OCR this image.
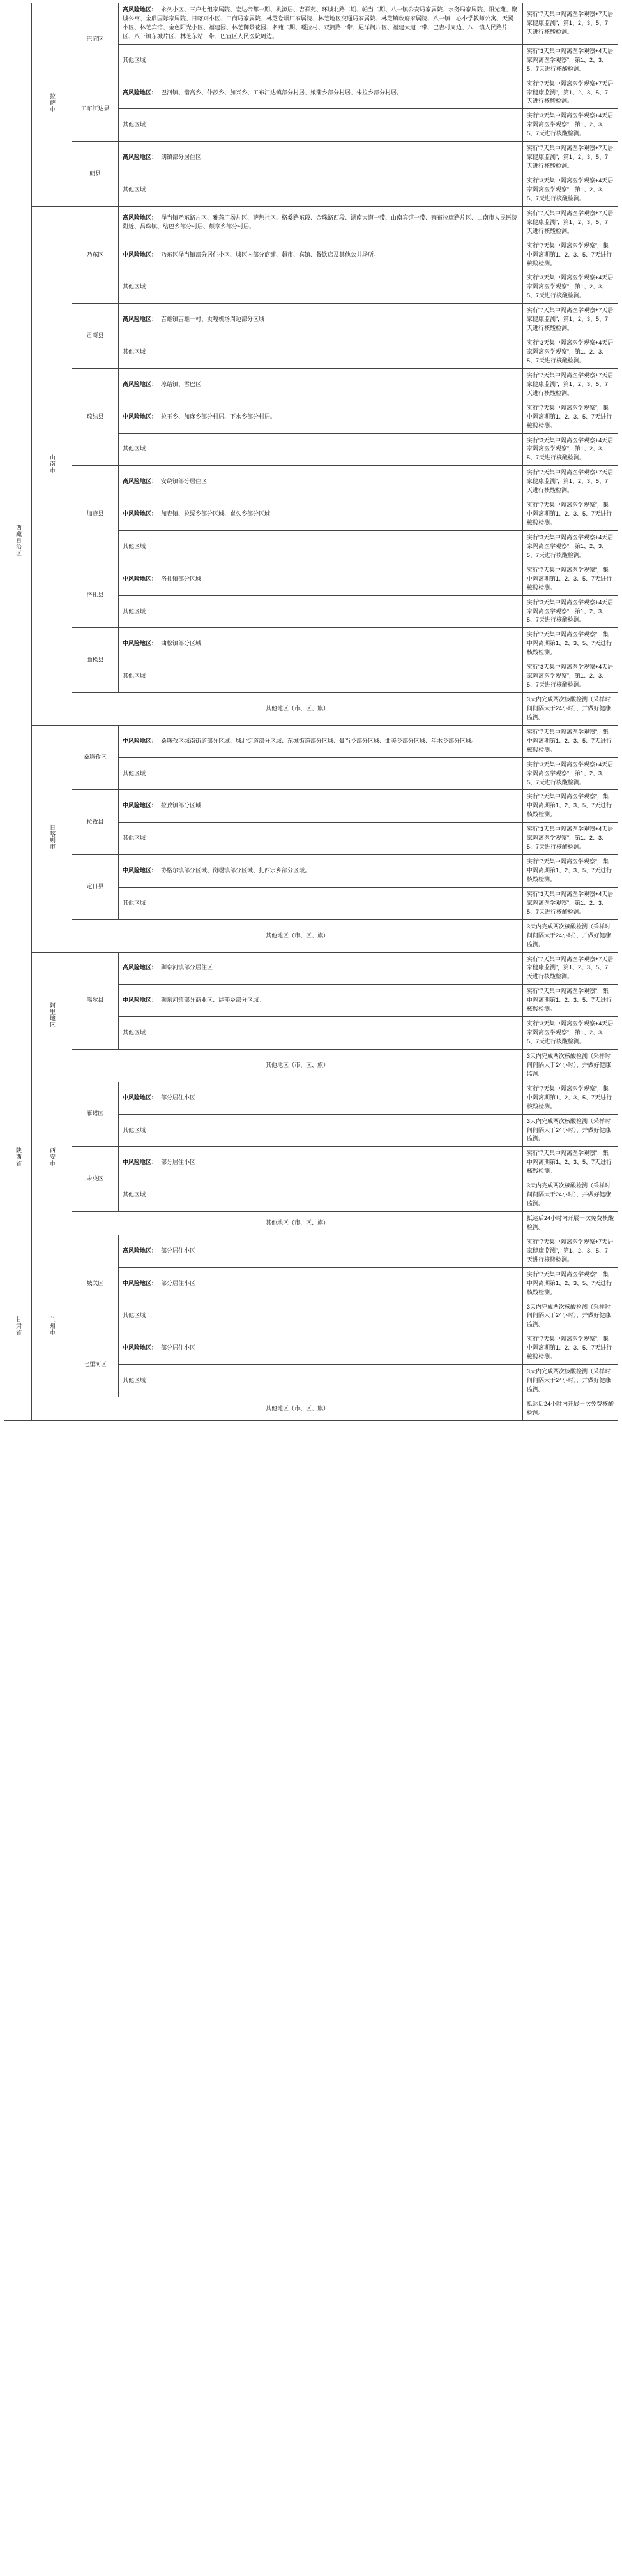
西藏自治区	拉萨市	巴宜区	高风险地区： 永久小区、三户七组家属院、宏达帝都一期、桃源居、吉祥苑、环城北路二期、帕当二期、八一镇公安局家属院、水务局家属院、阳光苑、聚城公寓、金鼎国际家属院、日喀则小区、工商局家属院、林芝卷烟厂家属院、林芝地区交通局家属院、林芝镇政府家属院、八一镇中心小学教师公寓、天翼小区、林芝宾馆、金色阳光小区、福建园、林芝御景花园、名苑二期、嘎拉村、双拥路一带、尼洋阁片区、福建大道一带、巴吉村周边、八一镇人民路片区、八一镇东城片区、林芝东站一带、巴宜区人民医院周边。	实行“7天集中隔离医学观察+7天居家健康监测”，第1、2、3、5、7天进行核酸检测。
			其他区域	实行“3天集中隔离医学观察+4天居家隔离医学观察”，第1、2、3、5、7天进行核酸检测。
		工布江达县	高风险地区： 巴河镇、错高乡、仲莎乡、加兴乡、工布江达镇部分村居、娘蒲乡部分村居、朱拉乡部分村居。	实行“7天集中隔离医学观察+7天居家健康监测”，第1、2、3、5、7天进行核酸检测。
			其他区域	实行“3天集中隔离医学观察+4天居家隔离医学观察”，第1、2、3、5、7天进行核酸检测。
		朗县	高风险地区： 朗镇部分居住区	实行“7天集中隔离医学观察+7天居家健康监测”，第1、2、3、5、7天进行核酸检测。
			其他区域	实行“3天集中隔离医学观察+4天居家隔离医学观察”，第1、2、3、5、7天进行核酸检测。
	山南市	乃东区	高风险地区： 泽当镇乃东路片区、雅砻广场片区、萨热社区、格桑路东段、金珠路西段、湖南大道一带、山南宾馆一带、雍布拉康路片区、山南市人民医院附近、昌珠镇、结巴乡部分村居、颇章乡部分村居。	实行“7天集中隔离医学观察+7天居家健康监测”，第1、2、3、5、7天进行核酸检测。
			中风险地区： 乃东区泽当镇部分居住小区、城区内部分商铺、超市、宾馆、餐饮店及其他公共场所。	实行“7天集中隔离医学观察”，集中隔离期第1、2、3、5、7天进行核酸检测。
			其他区域	实行“3天集中隔离医学观察+4天居家隔离医学观察”，第1、2、3、5、7天进行核酸检测。
		贡嘎县	高风险地区： 吉雄镇吉雄一村、贡嘎机场周边部分区域	实行“7天集中隔离医学观察+7天居家健康监测”，第1、2、3、5、7天进行核酸检测。
			其他区域	实行“3天集中隔离医学观察+4天居家隔离医学观察”，第1、2、3、5、7天进行核酸检测。
		琼结县	高风险地区： 琼结镇、雪巴区	实行“7天集中隔离医学观察+7天居家健康监测”，第1、2、3、5、7天进行核酸检测。
			中风险地区： 拉玉乡、加麻乡部分村居、下水乡部分村居。	实行“7天集中隔离医学观察”，集中隔离期第1、2、3、5、7天进行核酸检测。
			其他区域	实行“3天集中隔离医学观察+4天居家隔离医学观察”，第1、2、3、5、7天进行核酸检测。
		加查县	高风险地区： 安绕镇部分居住区	实行“7天集中隔离医学观察+7天居家健康监测”，第1、2、3、5、7天进行核酸检测。
			中风险地区： 加查镇、拉绥乡部分区域、崔久乡部分区域	实行“7天集中隔离医学观察”，集中隔离期第1、2、3、5、7天进行核酸检测。
			其他区域	实行“3天集中隔离医学观察+4天居家隔离医学观察”，第1、2、3、5、7天进行核酸检测。
		洛扎县	中风险地区： 洛扎镇部分区域	实行“7天集中隔离医学观察”，集中隔离期第1、2、3、5、7天进行核酸检测。
			其他区域	实行“3天集中隔离医学观察+4天居家隔离医学观察”，第1、2、3、5、7天进行核酸检测。
		曲松县	中风险地区： 曲松镇部分区域	实行“7天集中隔离医学观察”，集中隔离期第1、2、3、5、7天进行核酸检测。
			其他区域	实行“3天集中隔离医学观察+4天居家隔离医学观察”，第1、2、3、5、7天进行核酸检测。
		其他地区（市、区、旗）		3天内完成两次核酸检测（采样时间间隔大于24小时），并做好健康监测。
	日喀则市	桑珠孜区	中风险地区： 桑珠孜区城南街道部分区域、城北街道部分区域、东城街道部分区域、聂当乡部分区域、曲美乡部分区域、年木乡部分区域。	实行“7天集中隔离医学观察”，集中隔离期第1、2、3、5、7天进行核酸检测。
			其他区域	实行“3天集中隔离医学观察+4天居家隔离医学观察”，第1、2、3、5、7天进行核酸检测。
		拉孜县	中风险地区： 拉孜镇部分区域	实行“7天集中隔离医学观察”，集中隔离期第1、2、3、5、7天进行核酸检测。
			其他区域	实行“3天集中隔离医学观察+4天居家隔离医学观察”，第1、2、3、5、7天进行核酸检测。
		定日县	中风险地区： 协格尔镇部分区域、岗嘎镇部分区域、扎西宗乡部分区域。	实行“7天集中隔离医学观察”，集中隔离期第1、2、3、5、7天进行核酸检测。
			其他区域	实行“3天集中隔离医学观察+4天居家隔离医学观察”，第1、2、3、5、7天进行核酸检测。
		其他地区（市、区、旗）		3天内完成两次核酸检测（采样时间间隔大于24小时），并做好健康监测。
	阿里地区	噶尔县	高风险地区： 狮泉河镇部分居住区	实行“7天集中隔离医学观察+7天居家健康监测”，第1、2、3、5、7天进行核酸检测。
			中风险地区： 狮泉河镇部分商业区、昆莎乡部分区域。	实行“7天集中隔离医学观察”，集中隔离期第1、2、3、5、7天进行核酸检测。
			其他区域	实行“3天集中隔离医学观察+4天居家隔离医学观察”，第1、2、3、5、7天进行核酸检测。
		其他地区（市、区、旗）		3天内完成两次核酸检测（采样时间间隔大于24小时），并做好健康监测。
陕西省	西安市	雁塔区	中风险地区： 部分居住小区	实行“7天集中隔离医学观察”，集中隔离期第1、2、3、5、7天进行核酸检测。
			其他区域	3天内完成两次核酸检测（采样时间间隔大于24小时），并做好健康监测。
		未央区	中风险地区： 部分居住小区	实行“7天集中隔离医学观察”，集中隔离期第1、2、3、5、7天进行核酸检测。
			其他区域	3天内完成两次核酸检测（采样时间间隔大于24小时），并做好健康监测。
		其他地区（市、区、旗）		抵达后24小时内开展一次免费核酸检测。
甘肃省	兰州市	城关区	高风险地区： 部分居住小区	实行“7天集中隔离医学观察+7天居家健康监测”，第1、2、3、5、7天进行核酸检测。
			中风险地区： 部分居住小区	实行“7天集中隔离医学观察”，集中隔离期第1、2、3、5、7天进行核酸检测。
			其他区域	3天内完成两次核酸检测（采样时间间隔大于24小时），并做好健康监测。
		七里河区	中风险地区： 部分居住小区	实行“7天集中隔离医学观察”，集中隔离期第1、2、3、5、7天进行核酸检测。
			其他区域	3天内完成两次核酸检测（采样时间间隔大于24小时），并做好健康监测。
		其他地区（市、区、旗）		抵达后24小时内开展一次免费核酸检测。
